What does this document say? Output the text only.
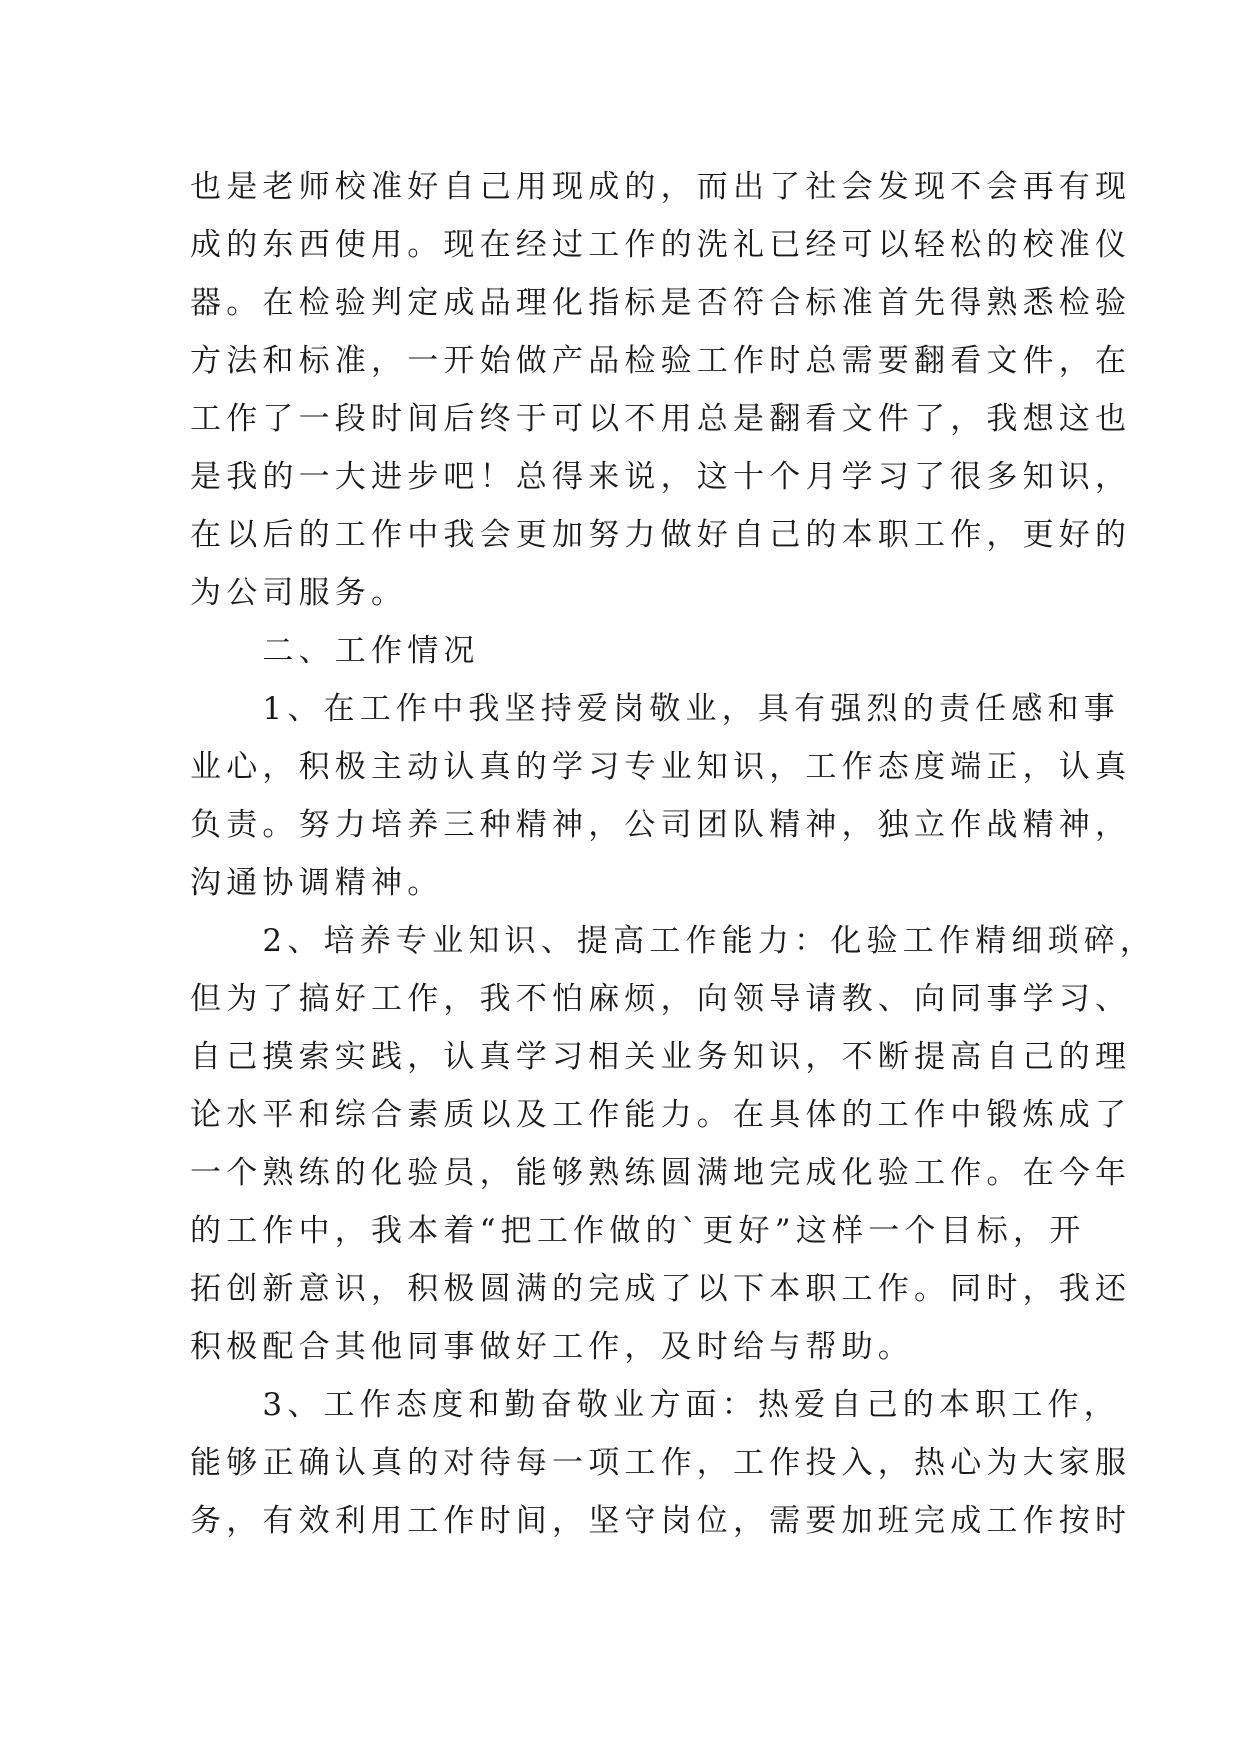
也是老师校准好自己用现成的，而出了社会发现不会再有现
成的东西使用。现在经过工作的洗礼已经可以轻松的校准仪
器。在检验判定成品理化指标是否符合标准首先得熟悉检验
方法和标准，一开始做产品检验工作时总需要翻看文件，在
工作了一段时间后终于可以不用总是翻看文件了，我想这也
是我的一大进步吧！总得来说，这十个月学习了很多知识，
在以后的工作中我会更加努力做好自己的本职工作，更好的
为公司服务。
　　二、工作情况
　　1、在工作中我坚持爱岗敬业，具有强烈的责任感和事
业心，积极主动认真的学习专业知识，工作态度端正，认真
负责。努力培养三种精神，公司团队精神，独立作战精神，
沟通协调精神。
　　2、培养专业知识、提高工作能力：化验工作精细琐碎，
但为了搞好工作，我不怕麻烦，向领导请教、向同事学习、
自己摸索实践，认真学习相关业务知识，不断提高自己的理
论水平和综合素质以及工作能力。在具体的工作中锻炼成了
一个熟练的化验员，能够熟练圆满地完成化验工作。在今年
的工作中，我本着“把工作做的`更好”这样一个目标，开
拓创新意识，积极圆满的完成了以下本职工作。同时，我还
积极配合其他同事做好工作，及时给与帮助。
　　3、工作态度和勤奋敬业方面：热爱自己的本职工作，
能够正确认真的对待每一项工作，工作投入，热心为大家服
务，有效利用工作时间，坚守岗位，需要加班完成工作按时
